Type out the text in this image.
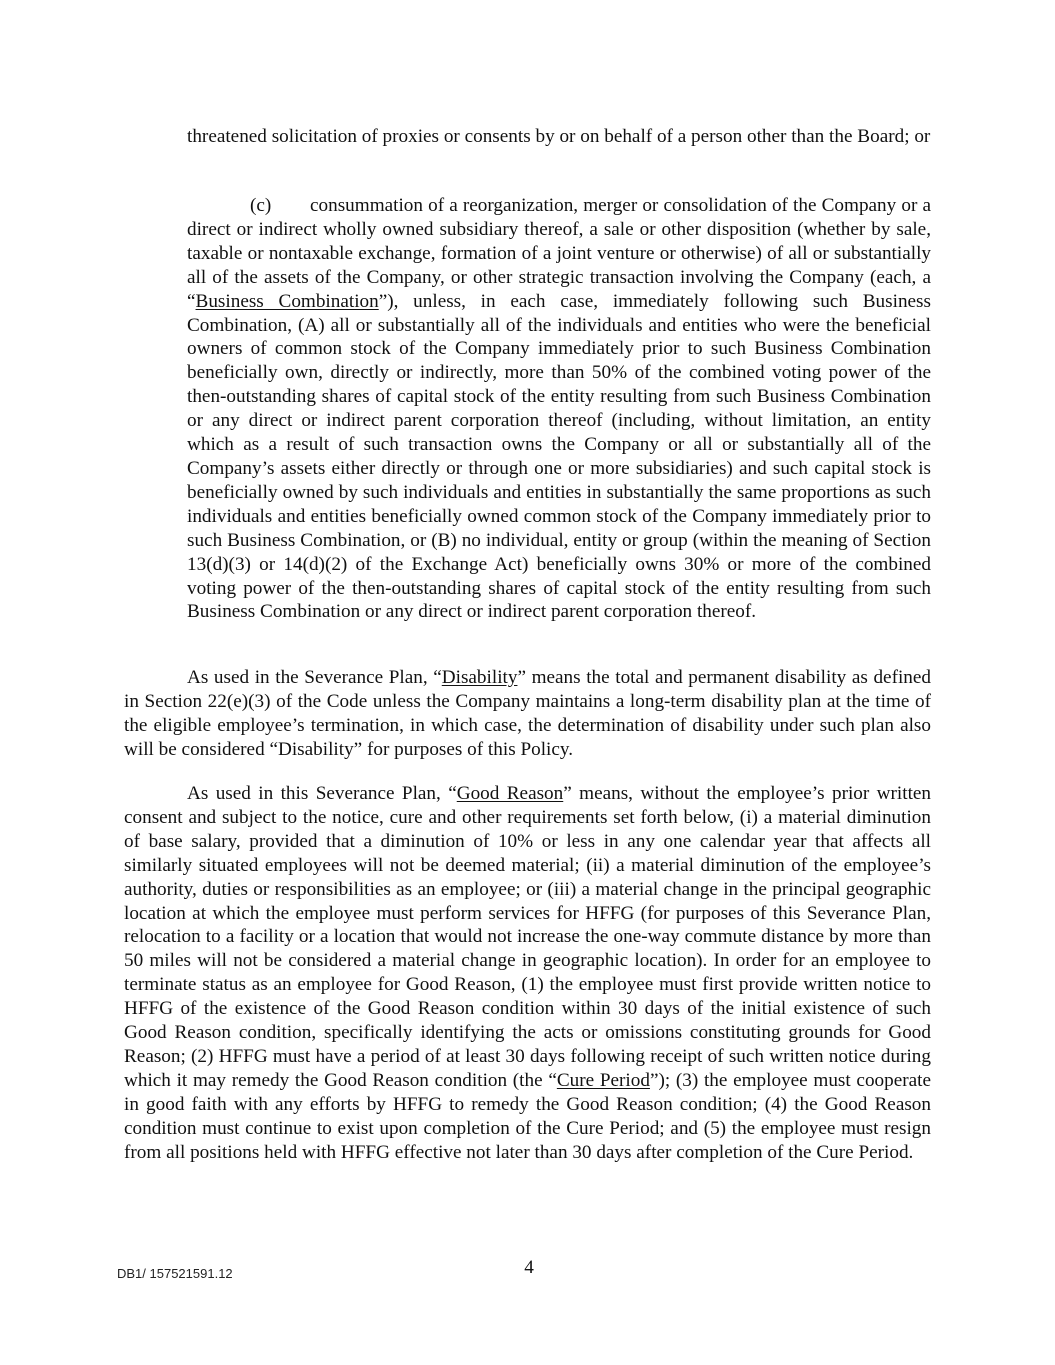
threatened solicitation of proxies or consents by or on behalf of a person other than the Board; or

(c) consummation of a reorganization, merger or consolidation of the Company or a direct or indirect wholly owned subsidiary thereof, a sale or other disposition (whether by sale, taxable or nontaxable exchange, formation of a joint venture or otherwise) of all or substantially all of the assets of the Company, or other strategic transaction involving the Company (each, a “Business Combination”), unless, in each case, immediately following such Business Combination, (A) all or substantially all of the individuals and entities who were the beneficial owners of common stock of the Company immediately prior to such Business Combination beneficially own, directly or indirectly, more than 50% of the combined voting power of the then-outstanding shares of capital stock of the entity resulting from such Business Combination or any direct or indirect parent corporation thereof (including, without limitation, an entity which as a result of such transaction owns the Company or all or substantially all of the Company’s assets either directly or through one or more subsidiaries) and such capital stock is beneficially owned by such individuals and entities in substantially the same proportions as such individuals and entities beneficially owned common stock of the Company immediately prior to such Business Combination, or (B) no individual, entity or group (within the meaning of Section 13(d)(3) or 14(d)(2) of the Exchange Act) beneficially owns 30% or more of the combined voting power of the then-outstanding shares of capital stock of the entity resulting from such Business Combination or any direct or indirect parent corporation thereof.

As used in the Severance Plan, “Disability” means the total and permanent disability as defined in Section 22(e)(3) of the Code unless the Company maintains a long-term disability plan at the time of the eligible employee’s termination, in which case, the determination of disability under such plan also will be considered “Disability” for purposes of this Policy.

As used in this Severance Plan, “Good Reason” means, without the employee’s prior written consent and subject to the notice, cure and other requirements set forth below, (i) a material diminution of base salary, provided that a diminution of 10% or less in any one calendar year that affects all similarly situated employees will not be deemed material; (ii) a material diminution of the employee’s authority, duties or responsibilities as an employee; or (iii) a material change in the principal geographic location at which the employee must perform services for HFFG (for purposes of this Severance Plan, relocation to a facility or a location that would not increase the one-way commute distance by more than 50 miles will not be considered a material change in geographic location). In order for an employee to terminate status as an employee for Good Reason, (1) the employee must first provide written notice to HFFG of the existence of the Good Reason condition within 30 days of the initial existence of such Good Reason condition, specifically identifying the acts or omissions constituting grounds for Good Reason; (2) HFFG must have a period of at least 30 days following receipt of such written notice during which it may remedy the Good Reason condition (the “Cure Period”); (3) the employee must cooperate in good faith with any efforts by HFFG to remedy the Good Reason condition; (4) the Good Reason condition must continue to exist upon completion of the Cure Period; and (5) the employee must resign from all positions held with HFFG effective not later than 30 days after completion of the Cure Period.

DB1/ 157521591.12	4
